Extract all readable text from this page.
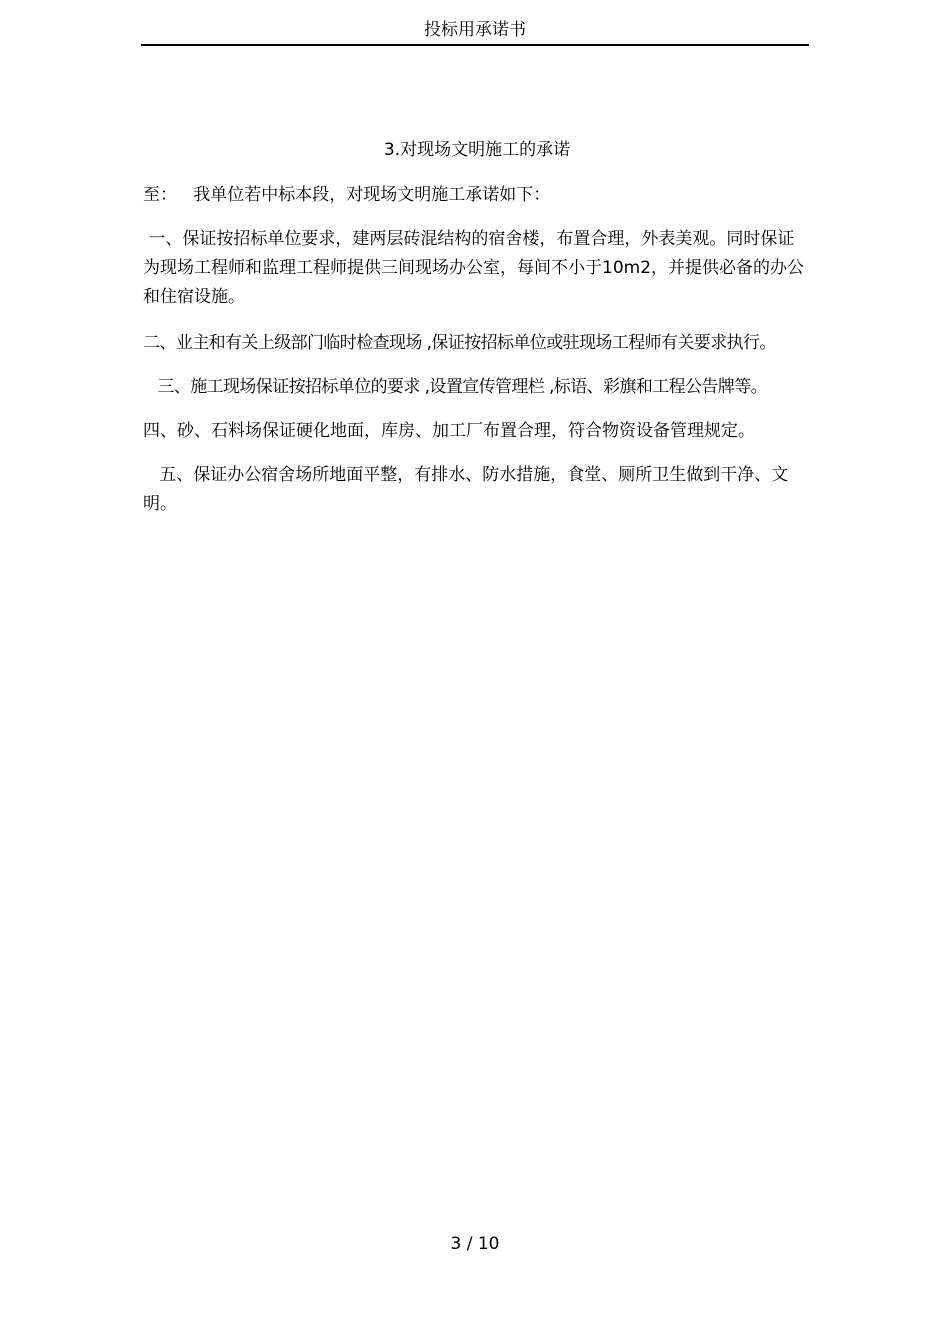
投标用承诺书
3.对现场文明施工的承诺
至：   我单位若中标本段，对现场文明施工承诺如下：
一、保证按招标单位要求，建两层砖混结构的宿舍楼，布置合理，外表美观。同时保证为现场工程师和监理工程师提供三间现场办公室，每间不小于10m2，并提供必备的办公和住宿设施。
二、业主和有关上级部门临时检查现场 ,保证按招标单位或驻现场工程师有关要求执行。
三、施工现场保证按招标单位的要求 ,设置宣传管理栏 ,标语、彩旗和工程公告牌等。
四、砂、石料场保证硬化地面，库房、加工厂布置合理，符合物资设备管理规定。
五、保证办公宿舍场所地面平整，有排水、防水措施，食堂、厕所卫生做到干净、文明。
3 / 10
